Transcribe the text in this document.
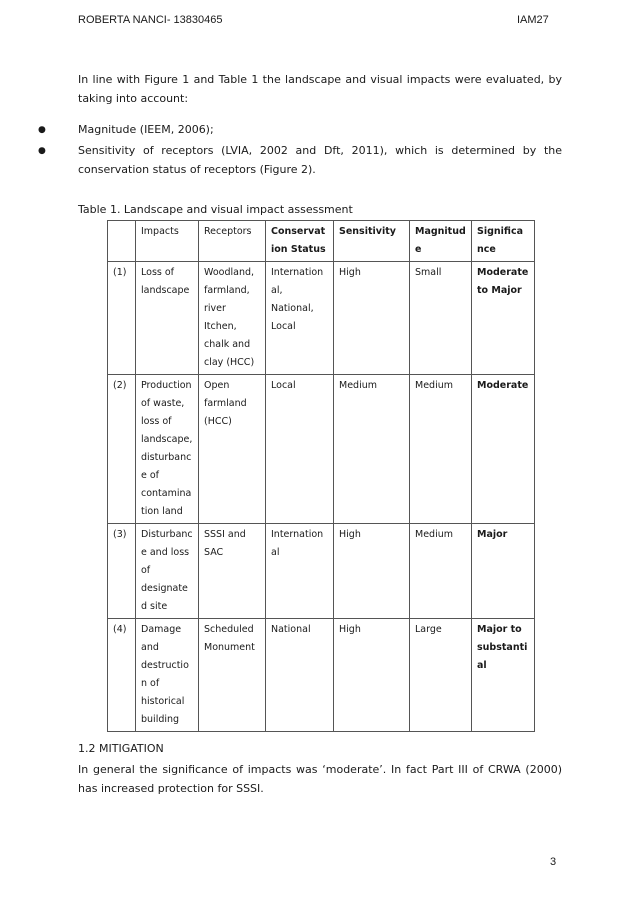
ROBERTA NANCI- 13830465	IAM27
In line with Figure 1 and Table 1 the landscape and visual impacts were evaluated, by taking into account:
●	Magnitude (IEEM, 2006);
●	Sensitivity of receptors (LVIA, 2002 and Dft, 2011), which is determined by the conservation status of receptors (Figure 2).
Table 1. Landscape and visual impact assessment
	Impacts	Receptors	Conservation Status	Sensitivity	Magnitude	Significance
(1)	Loss of landscape	Woodland, farmland, river Itchen, chalk and clay (HCC)	International, National, Local	High	Small	Moderate to Major
(2)	Production of waste, loss of landscape, disturbance of contamination land	Open farmland (HCC)	Local	Medium	Medium	Moderate
(3)	Disturbance and loss of designated site	SSSI and SAC	International	High	Medium	Major
(4)	Damage and destruction of historical building	Scheduled Monument	National	High	Large	Major to substantial
1.2 MITIGATION
In general the significance of impacts was ‘moderate’. In fact Part III of CRWA (2000) has increased protection for SSSI.
3
